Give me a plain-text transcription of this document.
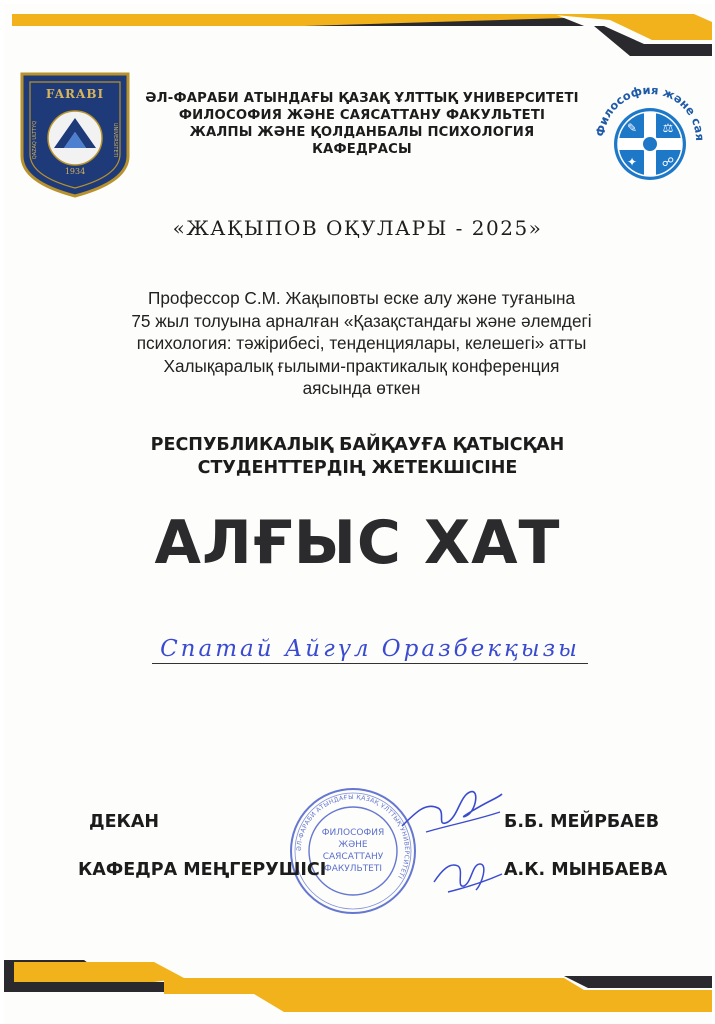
FARABI
1934
QAZAQ ULTTYQ	UNIVERSITETI	Философия және сая
✎ ⚖
✦ ☍
ӘЛ-ФАРАБИ АТЫНДАҒЫ ҚАЗАҚ ҰЛТТЫҚ УНИВЕРСИТЕТІ
ФИЛОСОФИЯ ЖӘНЕ САЯСАТТАНУ ФАКУЛЬТЕТІ
ЖАЛПЫ ЖӘНЕ ҚОЛДАНБАЛЫ ПСИХОЛОГИЯ
КАФЕДРАСЫ
«ЖАҚЫПОВ ОҚУЛАРЫ - 2025»
Профессор С.М. Жақыповты еске алу және туғанына
75 жыл толуына арналған «Қазақстандағы және әлемдегі
психология: тәжірибесі, тенденциялары, келешегі» атты
Халықаралық ғылыми-практикалық конференция
аясында өткен
РЕСПУБЛИКАЛЫҚ БАЙҚАУҒА ҚАТЫСҚАН
СТУДЕНТТЕРДІҢ ЖЕТЕКШІСІНЕ
АЛҒЫС ХАТ
Спатай Айгүл Оразбекқызы
ӘЛ-ФАРАБИ АТЫНДАҒЫ ҚАЗАҚ ҰЛТТЫҚ УНИВЕРСИТЕТІ
ФИЛОСОФИЯ
ЖӘНЕ
САЯСАТТАНУ
ФАКУЛЬТЕТІ
ДЕКАН	Б.Б. МЕЙРБАЕВ
КАФЕДРА МЕҢГЕРУШІСІ	А.К. МЫНБАЕВА
